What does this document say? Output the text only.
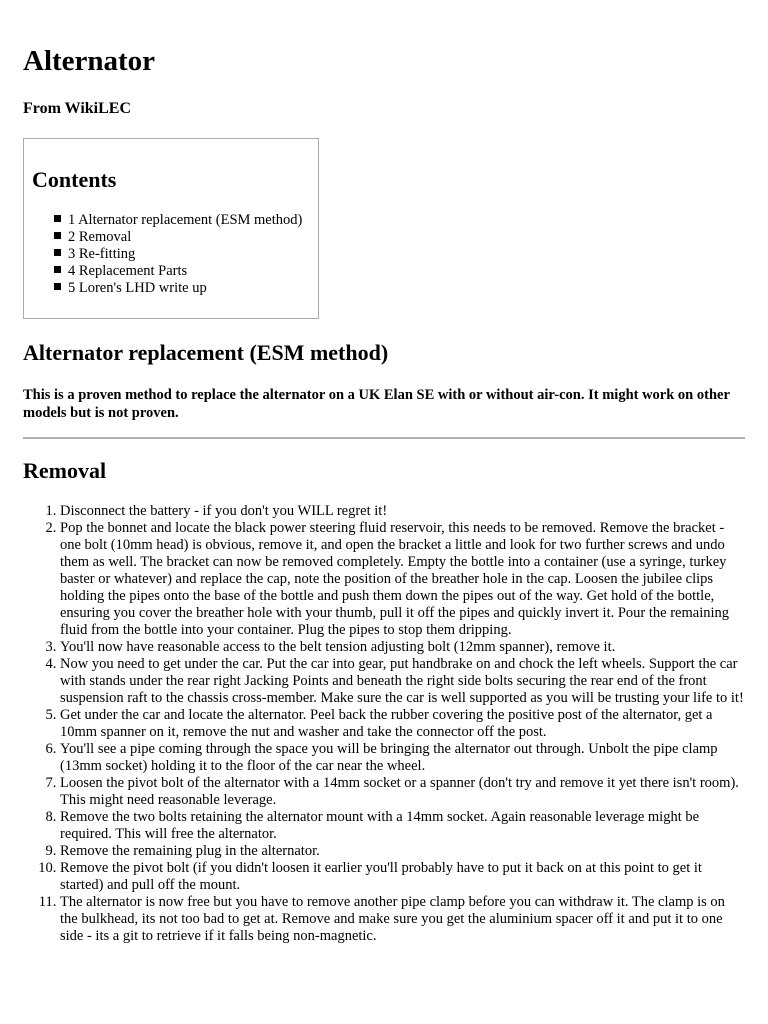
Alternator
From WikiLEC
Contents
1 Alternator replacement (ESM method)
2 Removal
3 Re-fitting
4 Replacement Parts
5 Loren's LHD write up
Alternator replacement (ESM method)
This is a proven method to replace the alternator on a UK Elan SE with or without air-con. It might work on other models but is not proven.
Removal
1. Disconnect the battery - if you don't you WILL regret it!
2. Pop the bonnet and locate the black power steering fluid reservoir, this needs to be removed. Remove the bracket - one bolt (10mm head) is obvious, remove it, and open the bracket a little and look for two further screws and undo them as well. The bracket can now be removed completely. Empty the bottle into a container (use a syringe, turkey baster or whatever) and replace the cap, note the position of the breather hole in the cap. Loosen the jubilee clips holding the pipes onto the base of the bottle and push them down the pipes out of the way. Get hold of the bottle, ensuring you cover the breather hole with your thumb, pull it off the pipes and quickly invert it. Pour the remaining fluid from the bottle into your container. Plug the pipes to stop them dripping.
3. You'll now have reasonable access to the belt tension adjusting bolt (12mm spanner), remove it.
4. Now you need to get under the car. Put the car into gear, put handbrake on and chock the left wheels. Support the car with stands under the rear right Jacking Points and beneath the right side bolts securing the rear end of the front suspension raft to the chassis cross-member. Make sure the car is well supported as you will be trusting your life to it!
5. Get under the car and locate the alternator. Peel back the rubber covering the positive post of the alternator, get a 10mm spanner on it, remove the nut and washer and take the connector off the post.
6. You'll see a pipe coming through the space you will be bringing the alternator out through. Unbolt the pipe clamp (13mm socket) holding it to the floor of the car near the wheel.
7. Loosen the pivot bolt of the alternator with a 14mm socket or a spanner (don't try and remove it yet there isn't room). This might need reasonable leverage.
8. Remove the two bolts retaining the alternator mount with a 14mm socket. Again reasonable leverage might be required. This will free the alternator.
9. Remove the remaining plug in the alternator.
10. Remove the pivot bolt (if you didn't loosen it earlier you'll probably have to put it back on at this point to get it started) and pull off the mount.
11. The alternator is now free but you have to remove another pipe clamp before you can withdraw it. The clamp is on the bulkhead, its not too bad to get at. Remove and make sure you get the aluminium spacer off it and put it to one side - its a git to retrieve if it falls being non-magnetic.
